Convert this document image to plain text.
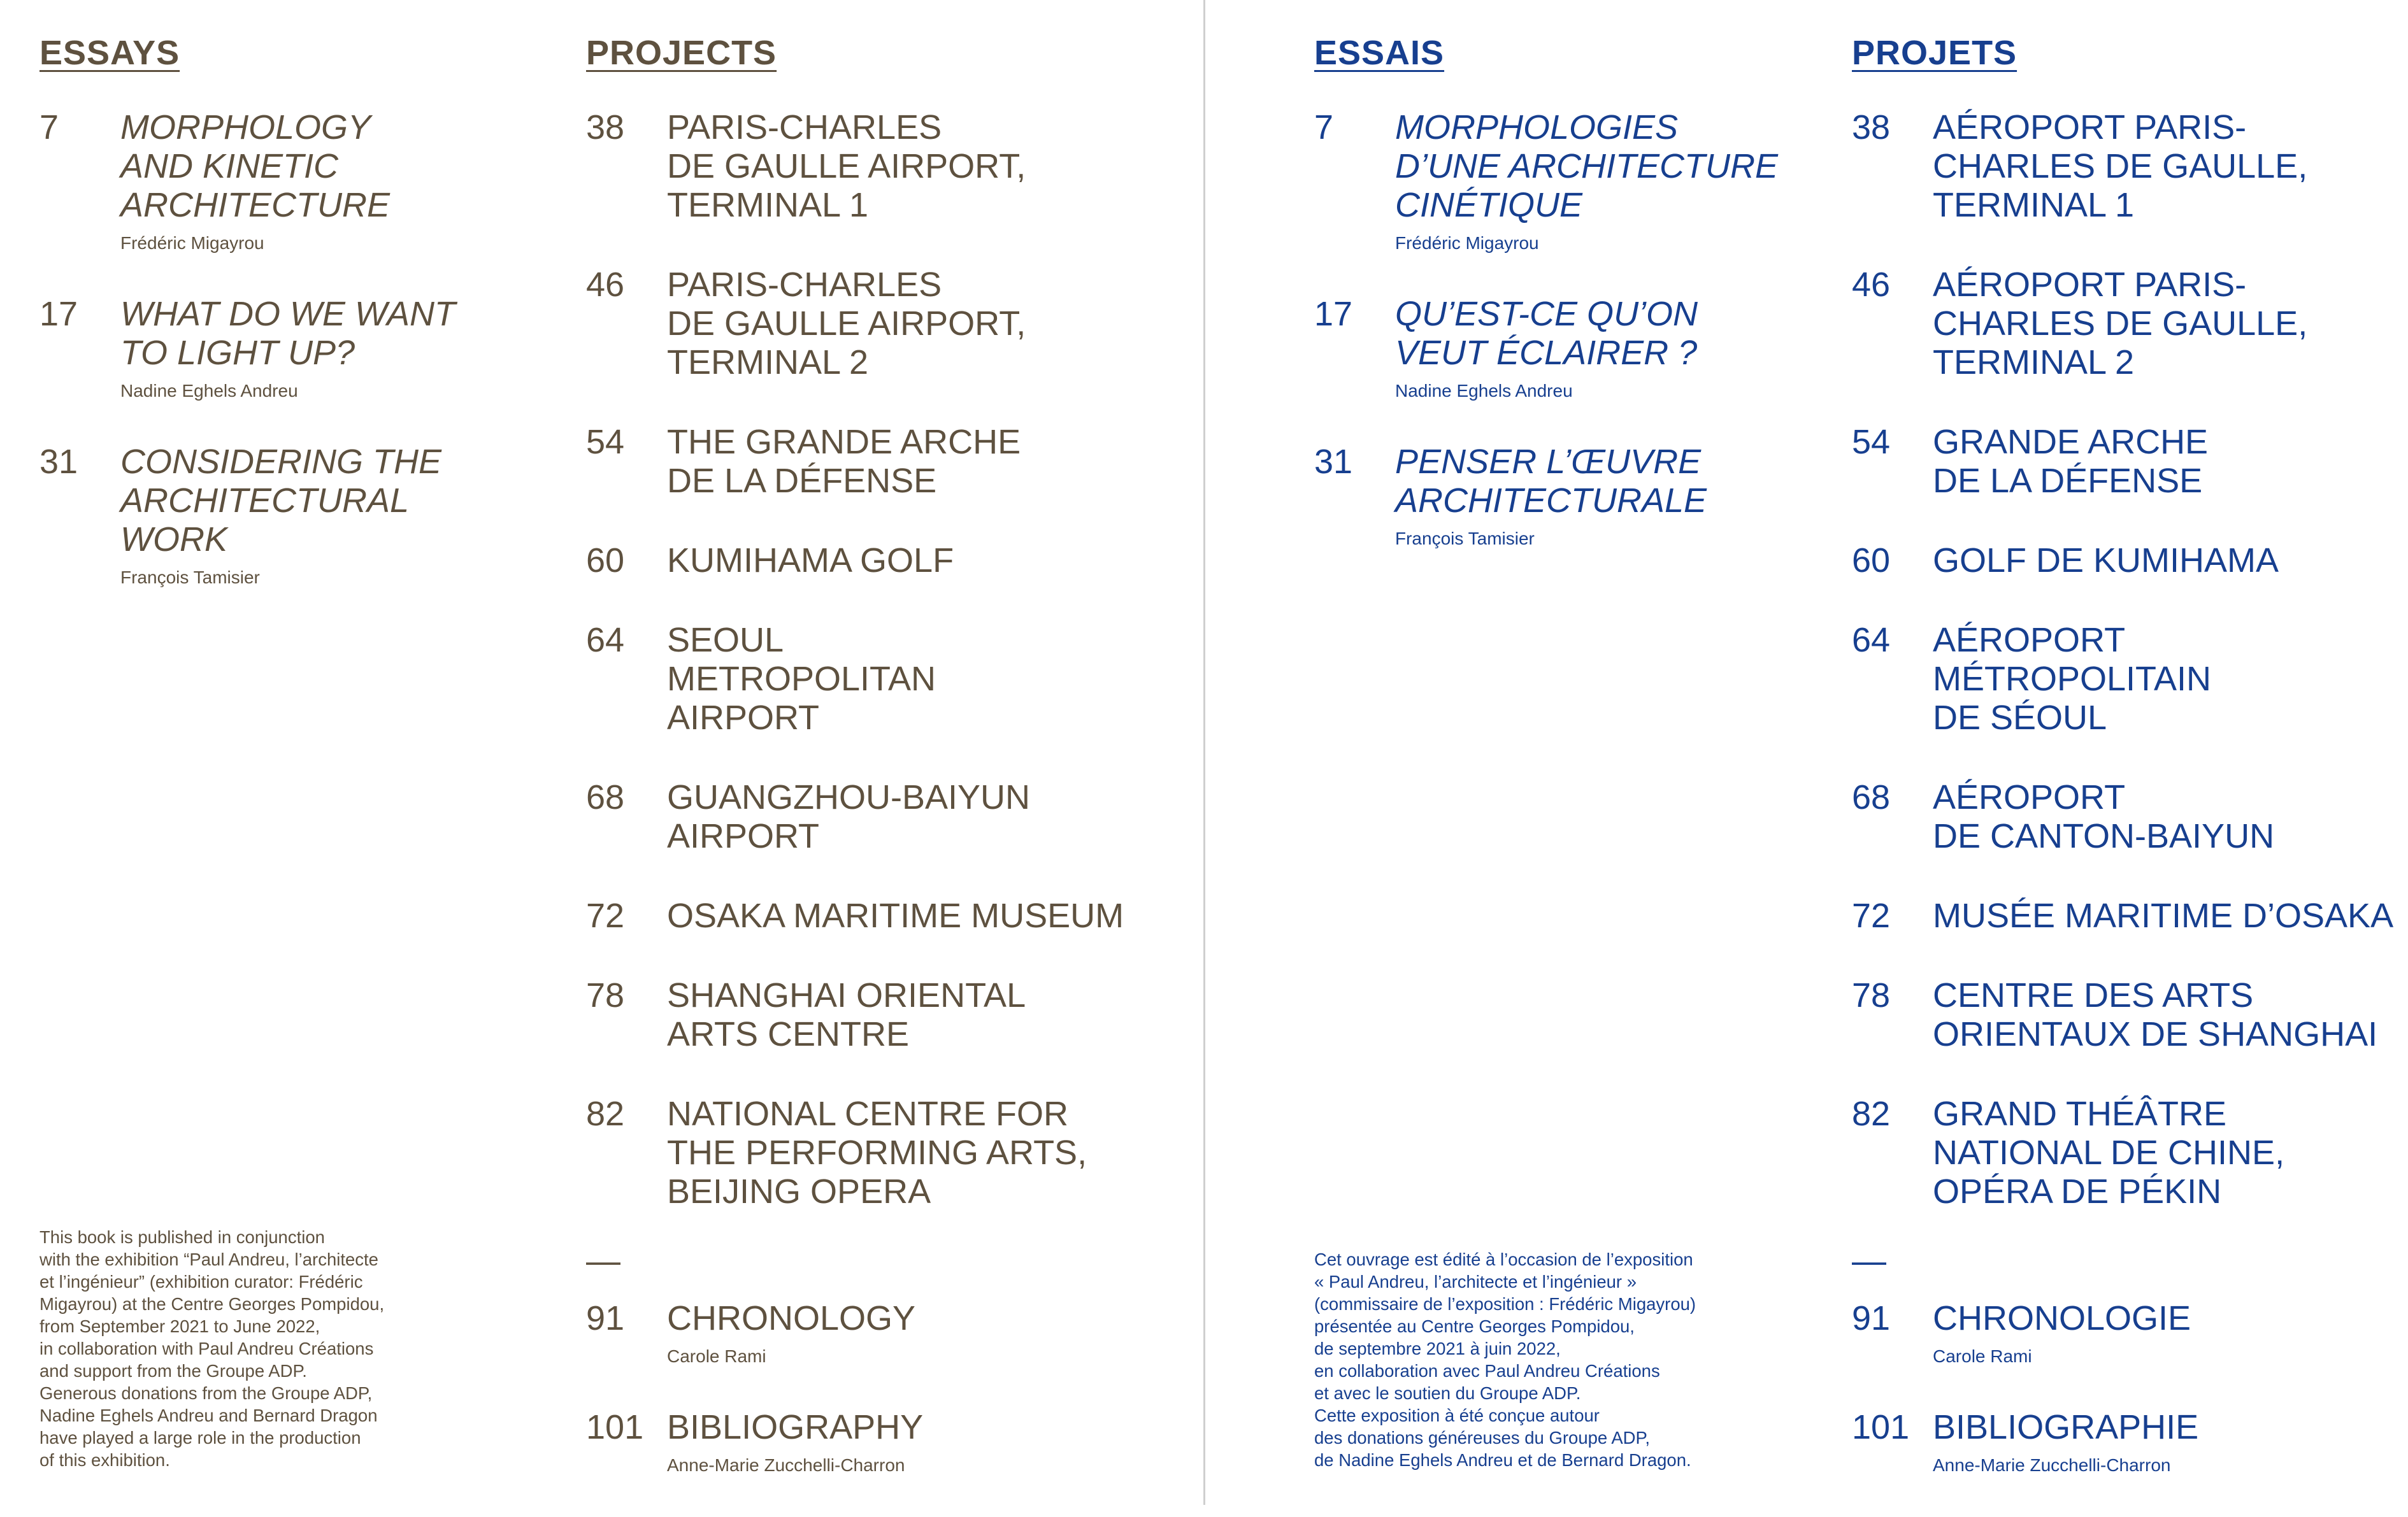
ESSAYS
7	MORPHOLOGY
AND KINETIC
ARCHITECTURE
Frédéric Migayrou
17	WHAT DO WE WANT
TO LIGHT UP?
Nadine Eghels Andreu
31	CONSIDERING THE
ARCHITECTURAL WORK
François Tamisier
PROJECTS
38	PARIS-CHARLES
DE GAULLE AIRPORT,
TERMINAL 1
46	PARIS-CHARLES
DE GAULLE AIRPORT,
TERMINAL 2
54	THE GRANDE ARCHE
DE LA DÉFENSE
60	KUMIHAMA GOLF
64	SEOUL
METROPOLITAN
AIRPORT
68	GUANGZHOU-BAIYUN
AIRPORT
72	OSAKA MARITIME MUSEUM
78	SHANGHAI ORIENTAL
ARTS CENTRE
82	NATIONAL CENTRE FOR
THE PERFORMING ARTS,
BEIJING OPERA
—
91	CHRONOLOGY
Carole Rami
101 BIBLIOGRAPHY
Anne-Marie Zucchelli-Charron
This book is published in conjunction
with the exhibition “Paul Andreu, l’architecte
et l’ingénieur” (exhibition curator: Frédéric
Migayrou) at the Centre Georges Pompidou,
from September 2021 to June 2022,
in collaboration with Paul Andreu Créations
and support from the Groupe ADP.
Generous donations from the Groupe ADP,
Nadine Eghels Andreu and Bernard Dragon
have played a large role in the production
of this exhibition.
ESSAIS
7	MORPHOLOGIES
D’UNE ARCHITECTURE
CINÉTIQUE
Frédéric Migayrou
17	QU’EST-CE QU’ON
VEUT ÉCLAIRER ?
Nadine Eghels Andreu
31	PENSER L’ŒUVRE
ARCHITECTURALE
François Tamisier
PROJETS
38	AÉROPORT PARIS-
CHARLES DE GAULLE,
TERMINAL 1
46	AÉROPORT PARIS-
CHARLES DE GAULLE,
TERMINAL 2
54	GRANDE ARCHE
DE LA DÉFENSE
60	GOLF DE KUMIHAMA
64	AÉROPORT
MÉTROPOLITAIN
DE SÉOUL
68	AÉROPORT
DE CANTON-BAIYUN
72	MUSÉE MARITIME D’OSAKA
78	CENTRE DES ARTS
ORIENTAUX DE SHANGHAI
82	GRAND THÉÂTRE
NATIONAL DE CHINE,
OPÉRA DE PÉKIN
—
91	CHRONOLOGIE
Carole Rami
101 BIBLIOGRAPHIE
Anne-Marie Zucchelli-Charron
Cet ouvrage est édité à l’occasion de l’exposition
« Paul Andreu, l’architecte et l’ingénieur »
(commissaire de l’exposition : Frédéric Migayrou)
présentée au Centre Georges Pompidou,
de septembre 2021 à juin 2022,
en collaboration avec Paul Andreu Créations
et avec le soutien du Groupe ADP.
Cette exposition à été conçue autour
des donations généreuses du Groupe ADP,
de Nadine Eghels Andreu et de Bernard Dragon.
